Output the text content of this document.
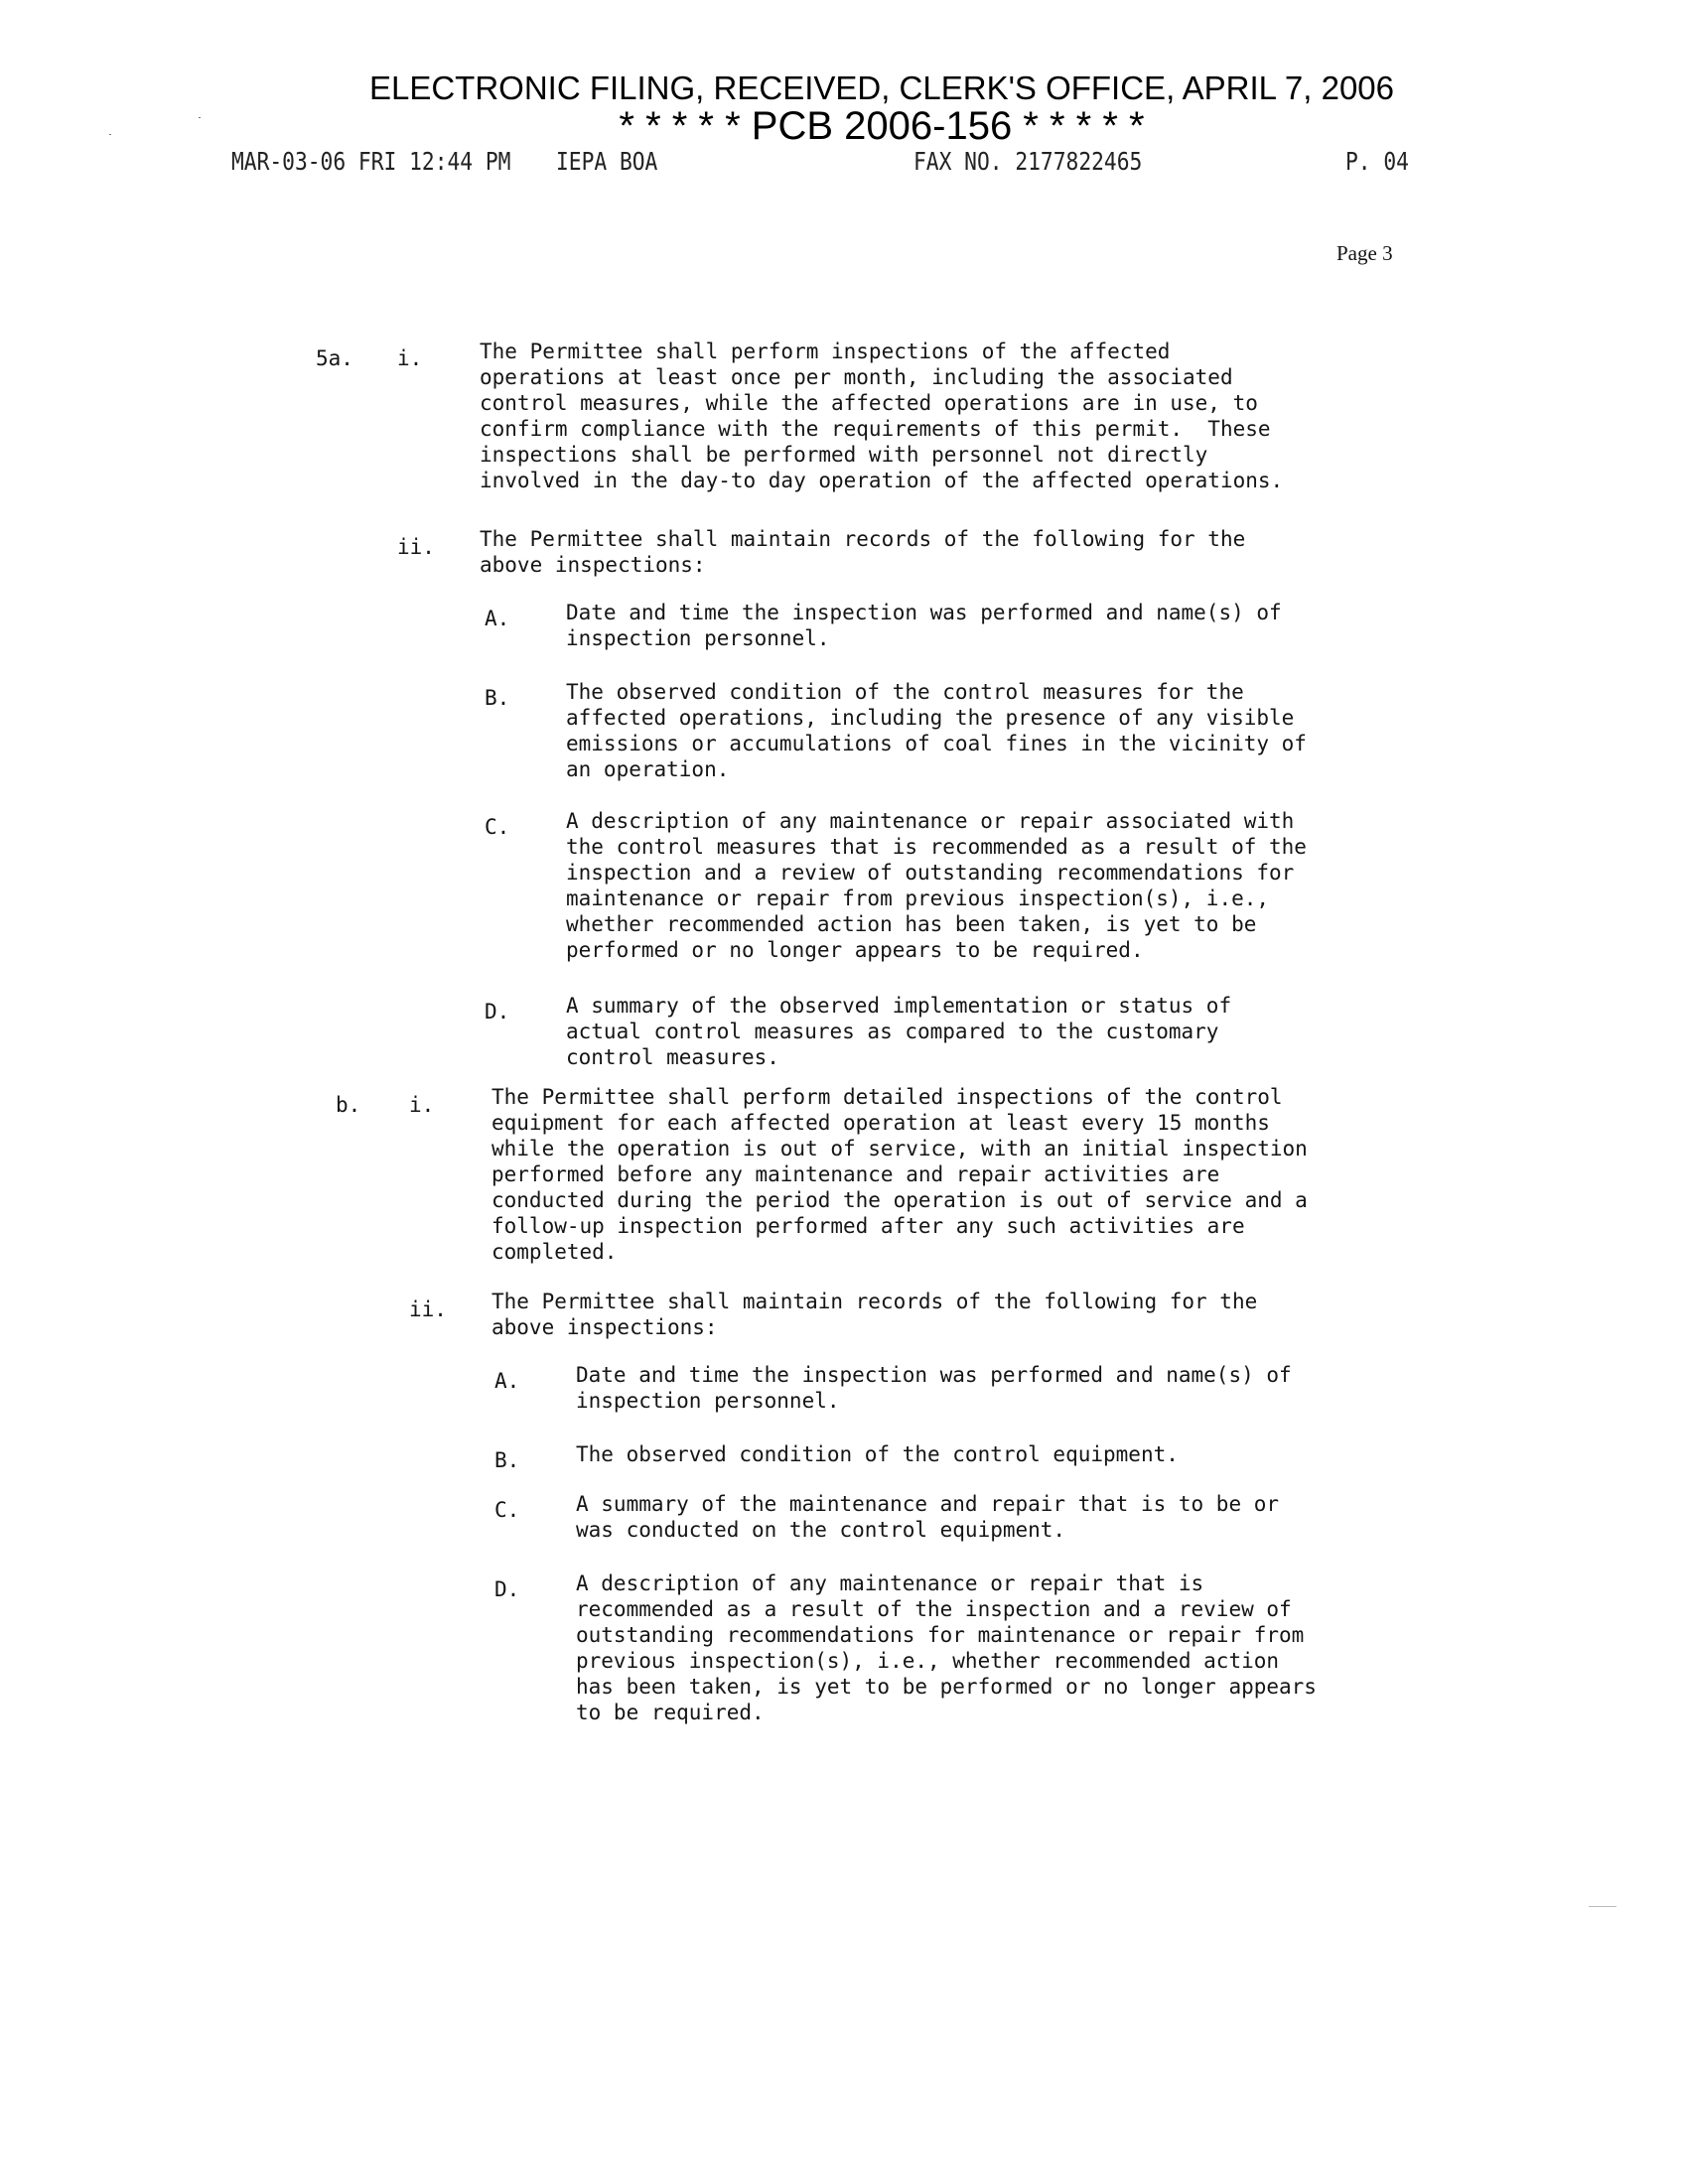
ELECTRONIC FILING, RECEIVED, CLERK'S OFFICE, APRIL 7, 2006
* * * * * PCB 2006-156 * * * * *
MAR-03-06 FRI 12:44 PM IEPA BOA	FAX NO. 2177822465	P. 04
Page 3
5a. i.	The Permittee shall perform inspections of the affected
operations at least once per month, including the associated
control measures, while the affected operations are in use, to
confirm compliance with the requirements of this permit.  These
inspections shall be performed with personnel not directly
involved in the day-to day operation of the affected operations.
ii. The Permittee shall maintain records of the following for the
above inspections:
A.	Date and time the inspection was performed and name(s) of
inspection personnel.
B.	The observed condition of the control measures for the
affected operations, including the presence of any visible
emissions or accumulations of coal fines in the vicinity of
an operation.
C.	A description of any maintenance or repair associated with
the control measures that is recommended as a result of the
inspection and a review of outstanding recommendations for
maintenance or repair from previous inspection(s), i.e.,
whether recommended action has been taken, is yet to be
performed or no longer appears to be required.
D.	A summary of the observed implementation or status of
actual control measures as compared to the customary
control measures.
b. i.	The Permittee shall perform detailed inspections of the control
equipment for each affected operation at least every 15 months
while the operation is out of service, with an initial inspection
performed before any maintenance and repair activities are
conducted during the period the operation is out of service and a
follow-up inspection performed after any such activities are
completed.
ii. The Permittee shall maintain records of the following for the
above inspections:
A.	Date and time the inspection was performed and name(s) of
inspection personnel.
B.	The observed condition of the control equipment.
C.	A summary of the maintenance and repair that is to be or
was conducted on the control equipment.
D.	A description of any maintenance or repair that is
recommended as a result of the inspection and a review of
outstanding recommendations for maintenance or repair from
previous inspection(s), i.e., whether recommended action
has been taken, is yet to be performed or no longer appears
to be required.
